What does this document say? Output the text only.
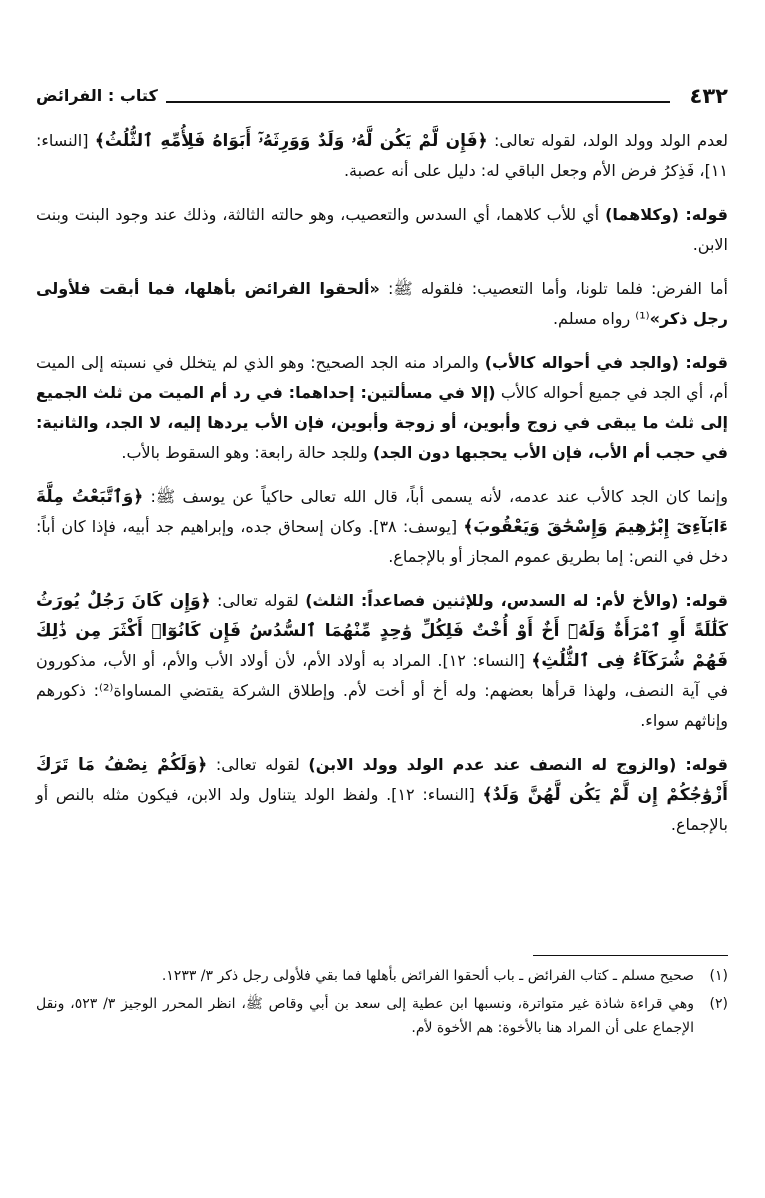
٤٣٢
كتاب : الفرائض

لعدم الولد وولد الولد، لقوله تعالى: ﴿فَإِن لَّمْ يَكُن لَّهُۥ وَلَدٌ وَوَرِثَهُۥٓ أَبَوَاهُ فَلِأُمِّهِ ٱلثُّلُثُ﴾ [النساء: ١١]، فَذِكرُ فرض الأم وجعل الباقي له: دليل على أنه عصبة.

قوله: (وكلاهما) أي للأب كلاهما، أي السدس والتعصيب، وهو حالته الثالثة، وذلك عند وجود البنت وبنت الابن.

أما الفرض: فلما تلونا، وأما التعصيب: فلقوله ﷺ: «ألحقوا الفرائض بأهلها، فما أبقت فلأولى رجل ذكر»⁽¹⁾ رواه مسلم.

قوله: (والجد في أحواله كالأب) والمراد منه الجد الصحيح: وهو الذي لم يتخلل في نسبته إلى الميت أم، أي الجد في جميع أحواله كالأب (إلا في مسألتين: إحداهما: في رد أم الميت من ثلث الجميع إلى ثلث ما يبقى في زوج وأبوين، أو زوجة وأبوين، فإن الأب يردها إليه، لا الجد، والثانية: في حجب أم الأب، فإن الأب يحجبها دون الجد) وللجد حالة رابعة: وهو السقوط بالأب.

وإنما كان الجد كالأب عند عدمه، لأنه يسمى أباً، قال الله تعالى حاكياً عن يوسف ﷺ: ﴿وَٱتَّبَعْتُ مِلَّةَ ءَابَآءِىٓ إِبْرَٰهِيمَ وَإِسْحَٰقَ وَيَعْقُوبَ﴾ [يوسف: ٣٨]. وكان إسحاق جده، وإبراهيم جد أبيه، فإذا كان أباً: دخل في النص: إما بطريق عموم المجاز أو بالإجماع.

قوله: (والأخ لأم: له السدس، وللإثنين فصاعداً: الثلث) لقوله تعالى: ﴿وَإِن كَانَ رَجُلٌ يُورَثُ كَلَٰلَةً أَوِ ٱمْرَأَةٌ وَلَهُۥٓ أَخٌ أَوْ أُخْتٌ فَلِكُلِّ وَٰحِدٍ مِّنْهُمَا ٱلسُّدُسُ فَإِن كَانُوٓا۟ أَكْثَرَ مِن ذَٰلِكَ فَهُمْ شُرَكَآءُ فِى ٱلثُّلُثِ﴾ [النساء: ١٢]. المراد به أولاد الأم، لأن أولاد الأب والأم، أو الأب، مذكورون في آية النصف، ولهذا قرأها بعضهم: وله أخ أو أخت لأم. وإطلاق الشركة يقتضي المساواة⁽²⁾: ذكورهم وإناثهم سواء.

قوله: (والزوج له النصف عند عدم الولد وولد الابن) لقوله تعالى: ﴿وَلَكُمْ نِصْفُ مَا تَرَكَ أَزْوَٰجُكُمْ إِن لَّمْ يَكُن لَّهُنَّ وَلَدٌ﴾ [النساء: ١٢]. ولفظ الولد يتناول ولد الابن، فيكون مثله بالنص أو بالإجماع.

(١)
صحيح مسلم ـ كتاب الفرائض ـ باب ألحقوا الفرائض بأهلها فما بقي فلأولى رجل ذكر ٣/ ١٢٣٣.
(٢)
وهي قراءة شاذة غير متواترة، ونسبها ابن عطية إلى سعد بن أبي وقاص ﷺ، انظر المحرر الوجيز ٣/ ٥٢٣، ونقل الإجماع على أن المراد هنا بالأخوة: هم الأخوة لأم.
